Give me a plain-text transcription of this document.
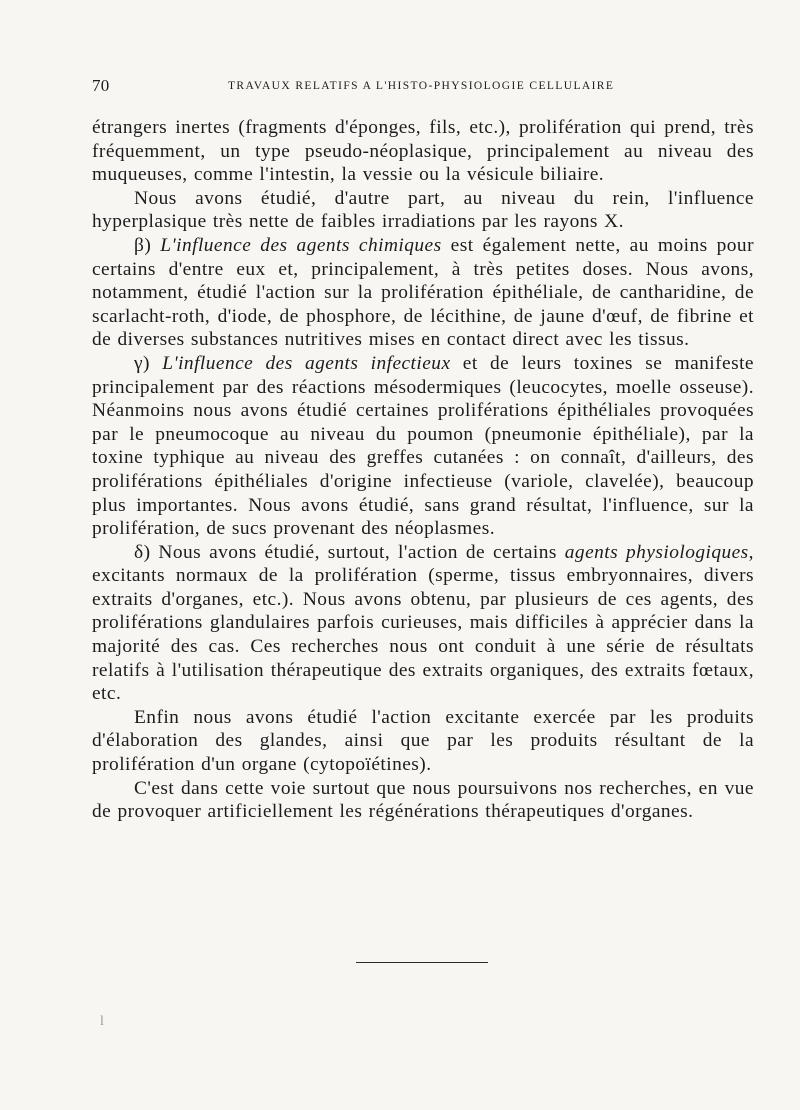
70	TRAVAUX RELATIFS A L'HISTO-PHYSIOLOGIE CELLULAIRE

étrangers inertes (fragments d'éponges, fils, etc.), prolifération qui prend, très fréquemment, un type pseudo-néoplasique, principalement au niveau des muqueuses, comme l'intestin, la vessie ou la vésicule biliaire.

Nous avons étudié, d'autre part, au niveau du rein, l'influence hyperplasique très nette de faibles irradiations par les rayons X.

β) L'influence des agents chimiques est également nette, au moins pour certains d'entre eux et, principalement, à très petites doses. Nous avons, notamment, étudié l'action sur la prolifération épithéliale, de cantharidine, de scarlacht-roth, d'iode, de phosphore, de lécithine, de jaune d'œuf, de fibrine et de diverses substances nutritives mises en contact direct avec les tissus.

γ) L'influence des agents infectieux et de leurs toxines se manifeste principalement par des réactions mésodermiques (leucocytes, moelle osseuse). Néanmoins nous avons étudié certaines proliférations épithéliales provoquées par le pneumocoque au niveau du poumon (pneumonie épithéliale), par la toxine typhique au niveau des greffes cutanées : on connaît, d'ailleurs, des proliférations épithéliales d'origine infectieuse (variole, clavelée), beaucoup plus importantes. Nous avons étudié, sans grand résultat, l'influence, sur la prolifération, de sucs provenant des néoplasmes.

δ) Nous avons étudié, surtout, l'action de certains agents physiologiques, excitants normaux de la prolifération (sperme, tissus embryonnaires, divers extraits d'organes, etc.). Nous avons obtenu, par plusieurs de ces agents, des proliférations glandulaires parfois curieuses, mais difficiles à apprécier dans la majorité des cas. Ces recherches nous ont conduit à une série de résultats relatifs à l'utilisation thérapeutique des extraits organiques, des extraits fœtaux, etc.

Enfin nous avons étudié l'action excitante exercée par les produits d'élaboration des glandes, ainsi que par les produits résultant de la prolifération d'un organe (cytopoïétines).

C'est dans cette voie surtout que nous poursuivons nos recherches, en vue de provoquer artificiellement les régénérations thérapeutiques d'organes.

l
